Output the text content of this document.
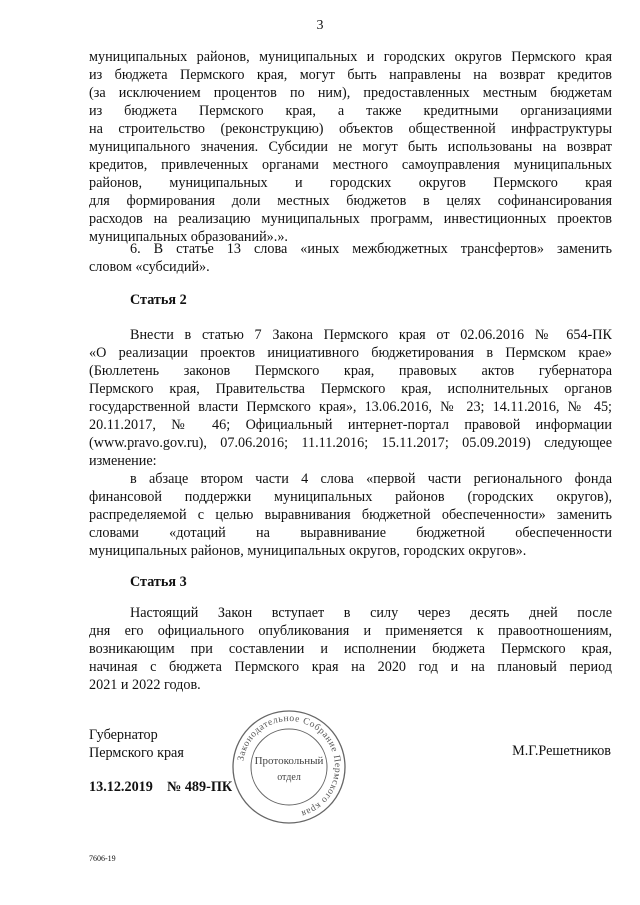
3
муниципальных районов, муниципальных и городских округов Пермского края
из бюджета Пермского края, могут быть направлены на возврат кредитов
(за исключением процентов по ним), предоставленных местным бюджетам
из бюджета Пермского края, а также кредитными организациями
на строительство (реконструкцию) объектов общественной инфраструктуры
муниципального значения. Субсидии не могут быть использованы на возврат
кредитов, привлеченных органами местного самоуправления муниципальных
районов, муниципальных и городских округов Пермского края
для формирования доли местных бюджетов в целях софинансирования
расходов на реализацию муниципальных программ, инвестиционных проектов
муниципальных образований».».
6. В статье 13 слова «иных межбюджетных трансфертов» заменить
словом «субсидий».
Статья 2
Внести в статью 7 Закона Пермского края от 02.06.2016 № 654-ПК
«О реализации проектов инициативного бюджетирования в Пермском крае»
(Бюллетень законов Пермского края, правовых актов губернатора
Пермского края, Правительства Пермского края, исполнительных органов
государственной власти Пермского края», 13.06.2016, № 23; 14.11.2016, № 45;
20.11.2017, № 46; Официальный интернет-портал правовой информации
(www.pravo.gov.ru), 07.06.2016; 11.11.2016; 15.11.2017; 05.09.2019) следующее
изменение:
в абзаце втором части 4 слова «первой части регионального фонда
финансовой поддержки муниципальных районов (городских округов),
распределяемой с целью выравнивания бюджетной обеспеченности» заменить
словами «дотаций на выравнивание бюджетной обеспеченности
муниципальных районов, муниципальных округов, городских округов».
Статья 3
Настоящий Закон вступает в силу через десять дней после
дня его официального опубликования и применяется к правоотношениям,
возникающим при составлении и исполнении бюджета Пермского края,
начиная с бюджета Пермского края на 2020 год и на плановый период
2021 и 2022 годов.
Губернатор
Пермского края	М.Г.Решетников
13.12.2019 № 489-ПК
Законодательное Собрание Пермского края
Протокольный
отдел
7606-19
